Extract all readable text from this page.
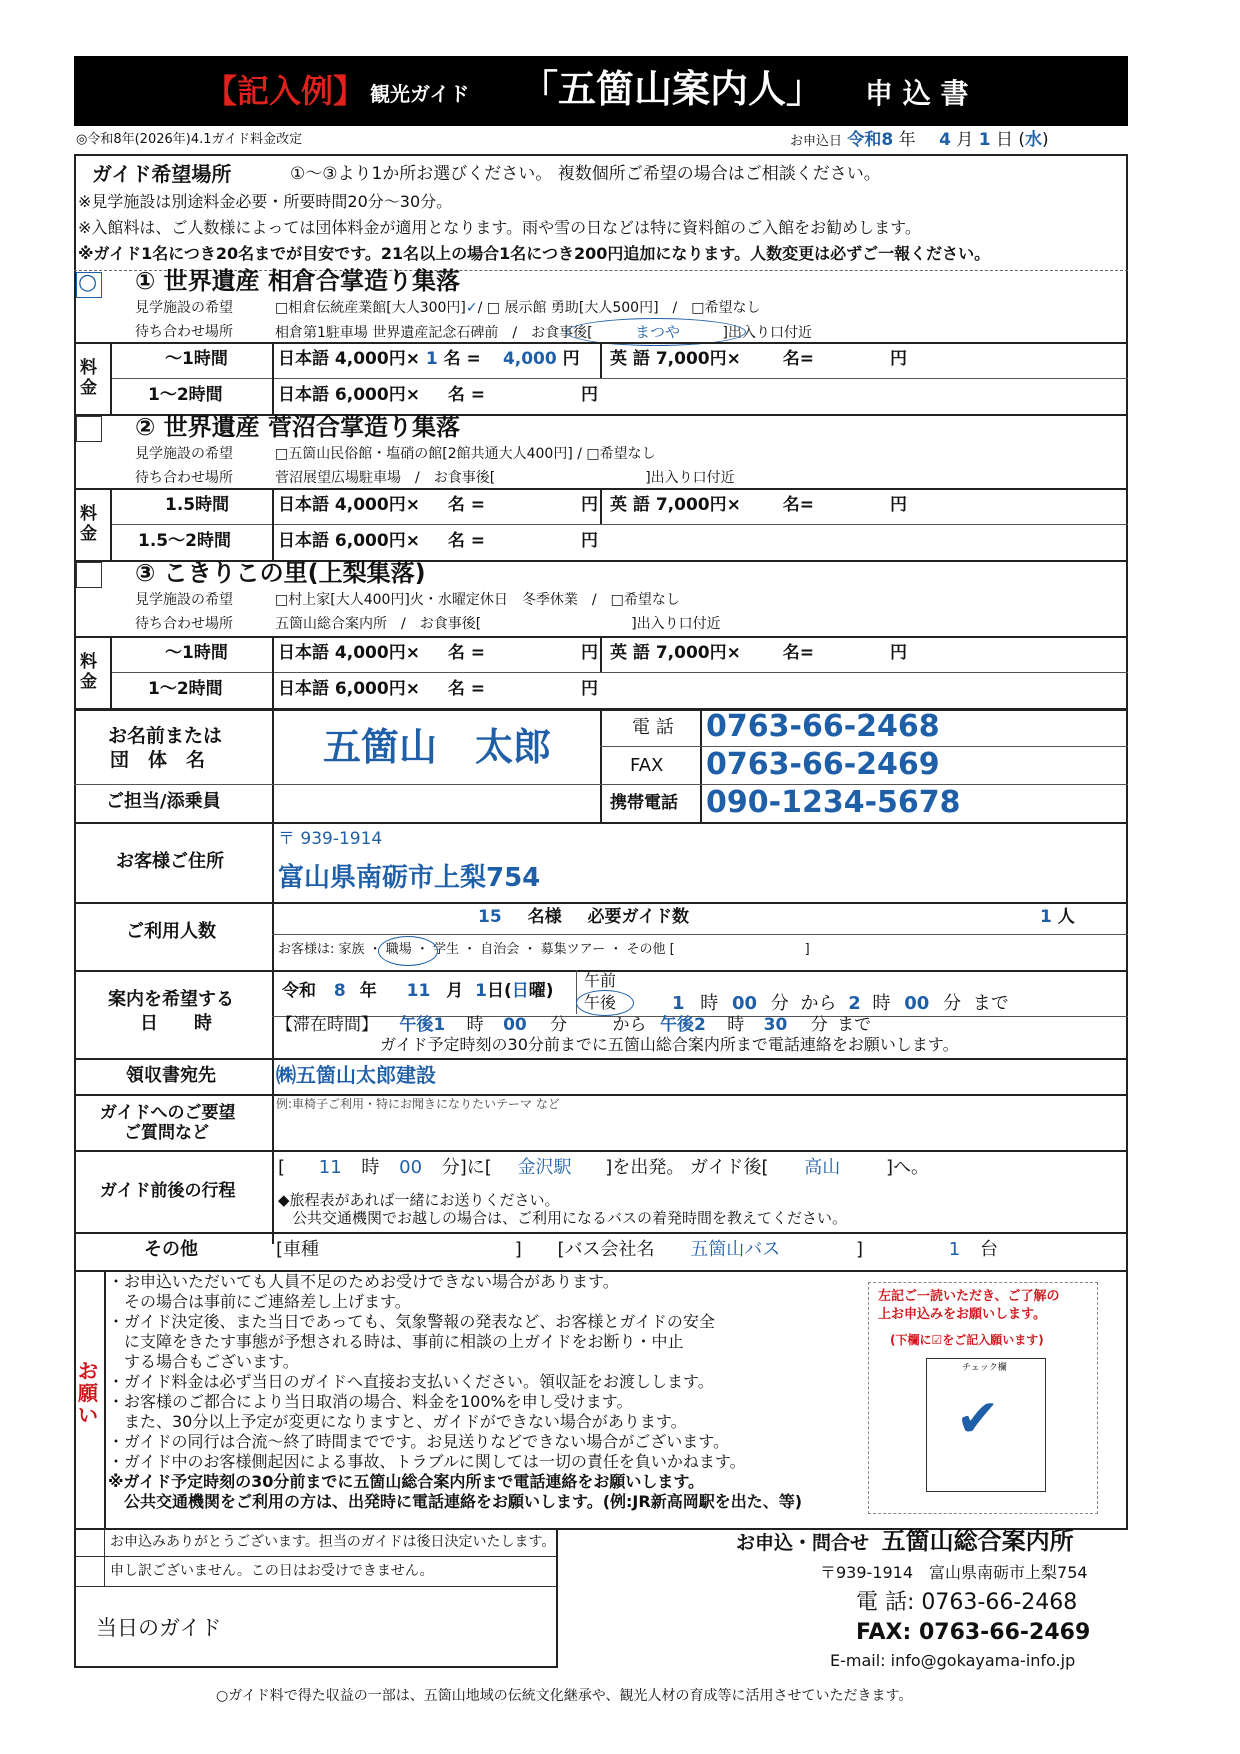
【記入例】 観光ガイド 「五箇山案内人」 申 込 書
◎令和8年(2026年)4.1ガイド料金改定	お申込日 令和8 年 4 月 1 日 (水)
ガイド希望場所	①〜③より1か所お選びください。 複数個所ご希望の場合はご相談ください。
※見学施設は別途料金必要・所要時間20分〜30分。
※入館料は、ご人数様によっては団体料金が適用となります。雨や雪の日などは特に資料館のご入館をお勧めします。
※ガイド1名につき20名までが目安です。21名以上の場合1名につき200円追加になります。人数変更は必ずご一報ください。
○ ① 世界遺産 相倉合掌造り集落
見学施設の希望	□相倉伝統産業館[大人300円]✓/ □ 展示館 勇助[大人500円]　/　□希望なし
待ち合わせ場所	相倉第1駐車場 世界遺産記念石碑前　/　お食事後[	まつや	]出入り口付近
料金
〜1時間	日本語 4,000円× 1 名 = 4,000 円 英 語 7,000円× 名=	円
1〜2時間	日本語 6,000円× 名 =	円
② 世界遺産 菅沼合掌造り集落
見学施設の希望	□五箇山民俗館・塩硝の館[2館共通大人400円] / □希望なし
待ち合わせ場所	菅沼展望広場駐車場　/　お食事後[	]出入り口付近
料金
1.5時間	日本語 4,000円× 名 =	円 英 語 7,000円× 名=	円
1.5〜2時間	日本語 6,000円× 名 =	円
③ こきりこの里(上梨集落)
見学施設の希望	□村上家[大人400円]火・水曜定休日　冬季休業　/　□希望なし
待ち合わせ場所	五箇山総合案内所　/　お食事後[	]出入り口付近
料金
〜1時間	日本語 4,000円× 名 =	円 英 語 7,000円× 名=	円
1〜2時間	日本語 6,000円× 名 =	円
お名前または
団　体　名	五箇山　太郎	電 話 0763-66-2468
FAX 0763-66-2469
ご担当/添乗員	携帯電話 090-1234-5678
お客様ご住所
〒 939-1914
富山県南砺市上梨754
ご利用人数
15 名様 必要ガイド数	1 人
お客様は: 家族 ・ 職場 ・ 学生 ・ 自治会 ・ 募集ツアー ・ その他 [　　　　　　　　　　]
案内を希望する
日　　時
令和 8 年 11 月 1日(日曜)
午前
午後	1 時 00 分 から 2 時 00 分 まで
【滞在時間】 午後1 時 00 分	から 午後2 時 30 分 まで
ガイド予定時刻の30分前までに五箇山総合案内所まで電話連絡をお願いします。
領収書宛先	㈱五箇山太郎建設
ガイドへのご要望
ご質問など
例:車椅子ご利用・特にお聞きになりたいテーマ など
ガイド前後の行程
[ 11 時 00 分]に[ 金沢駅 ]を出発。 ガイド後[ 高山	]へ。
◆旅程表があれば一緒にお送りください。
公共交通機関でお越しの場合は、ご利用になるバスの着発時間を教えてください。
その他	[車種	] [バス会社名 五箇山バス	]	1 台
お願い
・お申込いただいても人員不足のためお受けできない場合があります。
　その場合は事前にご連絡差し上げます。
・ガイド決定後、また当日であっても、気象警報の発表など、お客様とガイドの安全
　に支障をきたす事態が予想される時は、事前に相談の上ガイドをお断り・中止
　する場合もございます。
・ガイド料金は必ず当日のガイドへ直接お支払いください。領収証をお渡しします。
・お客様のご都合により当日取消の場合、料金を100%を申し受けます。
　また、30分以上予定が変更になりますと、ガイドができない場合があります。
・ガイドの同行は合流〜終了時間までです。お見送りなどできない場合がございます。
・ガイド中のお客様側起因による事故、トラブルに関しては一切の責任を負いかねます。
※ガイド予定時刻の30分前までに五箇山総合案内所まで電話連絡をお願いします。
　公共交通機関をご利用の方は、出発時に電話連絡をお願いします。(例:JR新高岡駅を出た、等)
左記ご一読いただき、ご了解の
上お申込みをお願いします。
(下欄に☑をご記入願います)
チェック欄
✔
お申込みありがとうございます。担当のガイドは後日決定いたします。
申し訳ございません。この日はお受けできません。
当日のガイド
お申込・問合せ 五箇山総合案内所
〒939-1914　富山県南砺市上梨754
電 話: 0763-66-2468
FAX: 0763-66-2469
E-mail: info@gokayama-info.jp
○ガイド料で得た収益の一部は、五箇山地域の伝統文化継承や、観光人材の育成等に活用させていただきます。
